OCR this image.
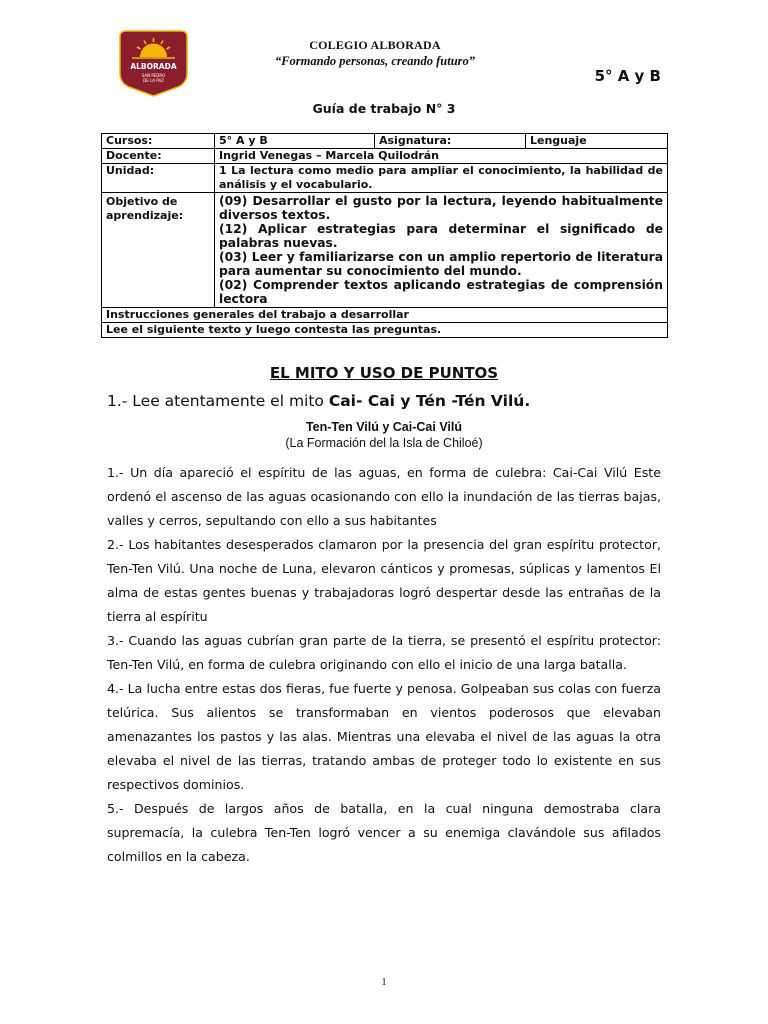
ALBORADA
SAN PEDRO
DE LA PAZ
COLEGIO ALBORADA
“Formando personas, creando futuro”
5° A y B
Guía de trabajo N° 3
Cursos:	5° A y B	Asignatura:	Lenguaje
Docente:	Ingrid Venegas – Marcela Quilodrán		
Unidad:	1 La lectura como medio para ampliar el conocimiento, la habilidad de análisis y el vocabulario.		
Objetivo de aprendizaje:	(09) Desarrollar el gusto por la lectura, leyendo habitualmente diversos textos.
(12) Aplicar estrategias para determinar el significado de palabras nuevas.
(03) Leer y familiarizarse con un amplio repertorio de literatura para aumentar su conocimiento del mundo.
(02) Comprender textos aplicando estrategias de comprensión lectora		

Instrucciones generales del trabajo a desarrollar			
Lee el siguiente texto y luego contesta las preguntas.			
EL MITO Y USO DE PUNTOS
1.- Lee atentamente el mito Cai- Cai y Tén -Tén Vilú.
Ten-Ten Vilú y Cai-Cai Vilú
(La Formación del la Isla de Chiloé)

1.- Un día apareció el espíritu de las aguas, en forma de culebra: Cai-Cai Vilú Este ordenó el ascenso de las aguas ocasionando con ello la inundación de las tierras bajas, valles y cerros, sepultando con ello a sus habitantes

2.- Los habitantes desesperados clamaron por la presencia del gran espíritu protector, Ten-Ten Vilú. Una noche de Luna, elevaron cánticos y promesas, súplicas y lamentos El alma de estas gentes buenas y trabajadoras logró despertar desde las entrañas de la tierra al espíritu

3.- Cuando las aguas cubrían gran parte de la tierra, se presentó el espíritu protector: Ten-Ten Vilú, en forma de culebra originando con ello el inicio de una larga batalla.

4.- La lucha entre estas dos fieras, fue fuerte y penosa. Golpeaban sus colas con fuerza telúrica. Sus alientos se transformaban en vientos poderosos que elevaban amenazantes los pastos y las alas. Mientras una elevaba el nivel de las aguas la otra elevaba el nivel de las tierras, tratando ambas de proteger todo lo existente en sus respectivos dominios.

5.- Después de largos años de batalla, en la cual ninguna demostraba clara supremacía, la culebra Ten-Ten logró vencer a su enemiga clavándole sus afilados colmillos en la cabeza.

1
